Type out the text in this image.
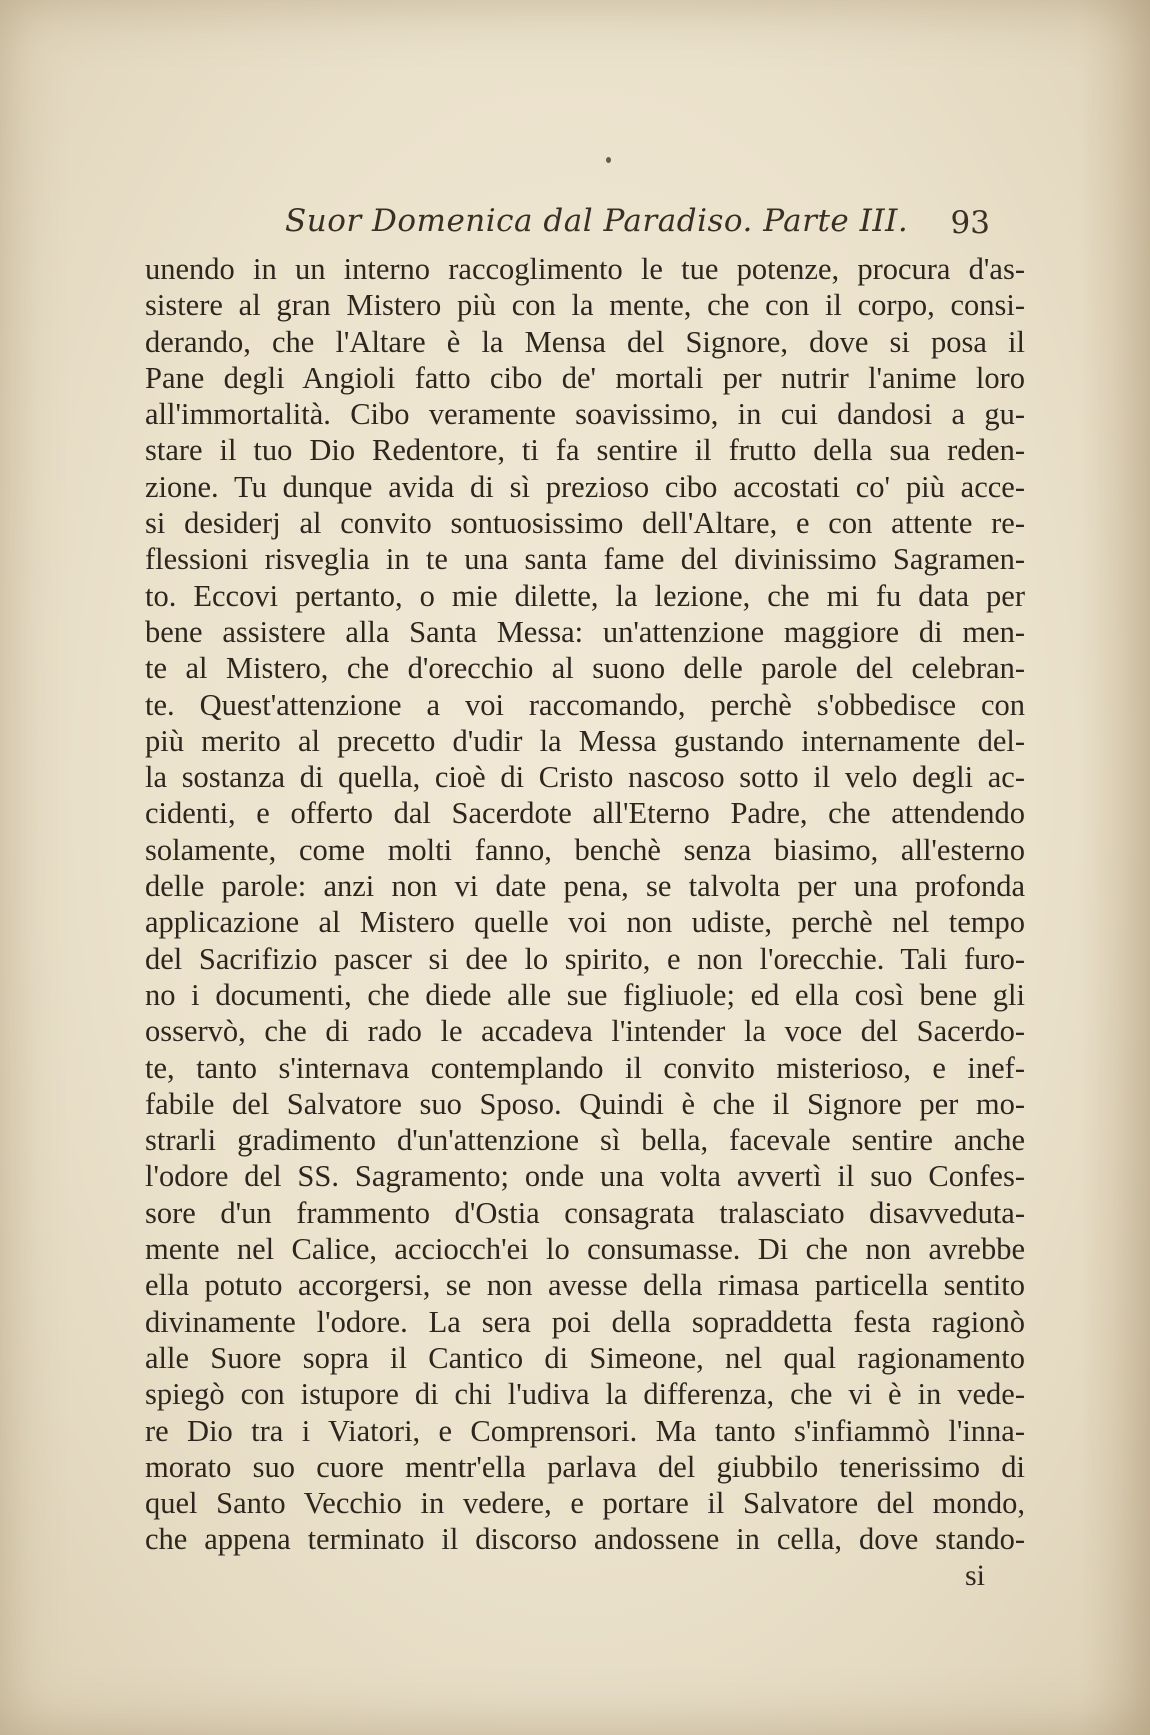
Suor Domenica dal Paradiso. Parte III. 93
unendo in un interno raccoglimento le tue potenze, procura d'as-
sistere al gran Mistero più con la mente, che con il corpo, consi-
derando, che l'Altare è la Mensa del Signore, dove si posa il
Pane degli Angioli fatto cibo de' mortali per nutrir l'anime loro
all'immortalità. Cibo veramente soavissimo, in cui dandosi a gu-
stare il tuo Dio Redentore, ti fa sentire il frutto della sua reden-
zione. Tu dunque avida di sì prezioso cibo accostati co' più acce-
si desiderj al convito sontuosissimo dell'Altare, e con attente re-
flessioni risveglia in te una santa fame del divinissimo Sagramen-
to. Eccovi pertanto, o mie dilette, la lezione, che mi fu data per
bene assistere alla Santa Messa: un'attenzione maggiore di men-
te al Mistero, che d'orecchio al suono delle parole del celebran-
te. Quest'attenzione a voi raccomando, perchè s'obbedisce con
più merito al precetto d'udir la Messa gustando internamente del-
la sostanza di quella, cioè di Cristo nascoso sotto il velo degli ac-
cidenti, e offerto dal Sacerdote all'Eterno Padre, che attendendo
solamente, come molti fanno, benchè senza biasimo, all'esterno
delle parole: anzi non vi date pena, se talvolta per una profonda
applicazione al Mistero quelle voi non udiste, perchè nel tempo
del Sacrifizio pascer si dee lo spirito, e non l'orecchie. Tali furo-
no i documenti, che diede alle sue figliuole; ed ella così bene gli
osservò, che di rado le accadeva l'intender la voce del Sacerdo-
te, tanto s'internava contemplando il convito misterioso, e inef-
fabile del Salvatore suo Sposo. Quindi è che il Signore per mo-
strarli gradimento d'un'attenzione sì bella, facevale sentire anche
l'odore del SS. Sagramento; onde una volta avvertì il suo Confes-
sore d'un frammento d'Ostia consagrata tralasciato disavveduta-
mente nel Calice, acciocch'ei lo consumasse. Di che non avrebbe
ella potuto accorgersi, se non avesse della rimasa particella sentito
divinamente l'odore. La sera poi della sopraddetta festa ragionò
alle Suore sopra il Cantico di Simeone, nel qual ragionamento
spiegò con istupore di chi l'udiva la differenza, che vi è in vede-
re Dio tra i Viatori, e Comprensori. Ma tanto s'infiammò l'inna-
morato suo cuore mentr'ella parlava del giubbilo tenerissimo di
quel Santo Vecchio in vedere, e portare il Salvatore del mondo,
che appena terminato il discorso andossene in cella, dove stando-
si
